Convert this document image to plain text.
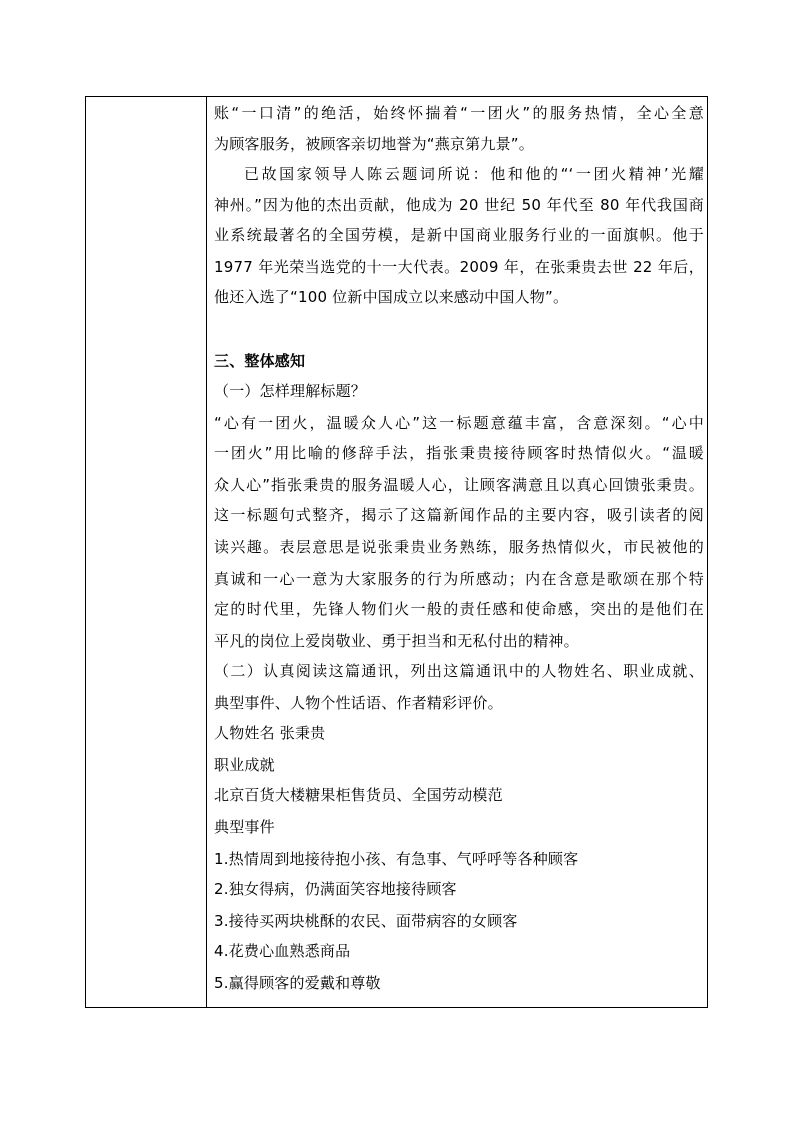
账“一口清”的绝活，始终怀揣着“一团火”的服务热情，全心全意
为顾客服务，被顾客亲切地誉为“燕京第九景”。
已故国家领导人陈云题词所说：他和他的“‘一团火精神’光耀
神州。”因为他的杰出贡献，他成为 20 世纪 50 年代至 80 年代我国商
业系统最著名的全国劳模，是新中国商业服务行业的一面旗帜。他于
1977 年光荣当选党的十一大代表。2009 年，在张秉贵去世 22 年后，
他还入选了“100 位新中国成立以来感动中国人物”。
三、整体感知
（一）怎样理解标题？
“心有一团火，温暖众人心”这一标题意蕴丰富，含意深刻。“心中
一团火”用比喻的修辞手法，指张秉贵接待顾客时热情似火。“温暖
众人心”指张秉贵的服务温暖人心，让顾客满意且以真心回馈张秉贵。
这一标题句式整齐，揭示了这篇新闻作品的主要内容，吸引读者的阅
读兴趣。表层意思是说张秉贵业务熟练，服务热情似火，市民被他的
真诚和一心一意为大家服务的行为所感动；内在含意是歌颂在那个特
定的时代里，先锋人物们火一般的责任感和使命感，突出的是他们在
平凡的岗位上爱岗敬业、勇于担当和无私付出的精神。
（二）认真阅读这篇通讯，列出这篇通讯中的人物姓名、职业成就、
典型事件、人物个性话语、作者精彩评价。
人物姓名 张秉贵
职业成就
北京百货大楼糖果柜售货员、全国劳动模范
典型事件
1.热情周到地接待抱小孩、有急事、气呼呼等各种顾客
2.独女得病，仍满面笑容地接待顾客
3.接待买两块桃酥的农民、面带病容的女顾客
4.花费心血熟悉商品
5.赢得顾客的爱戴和尊敬
